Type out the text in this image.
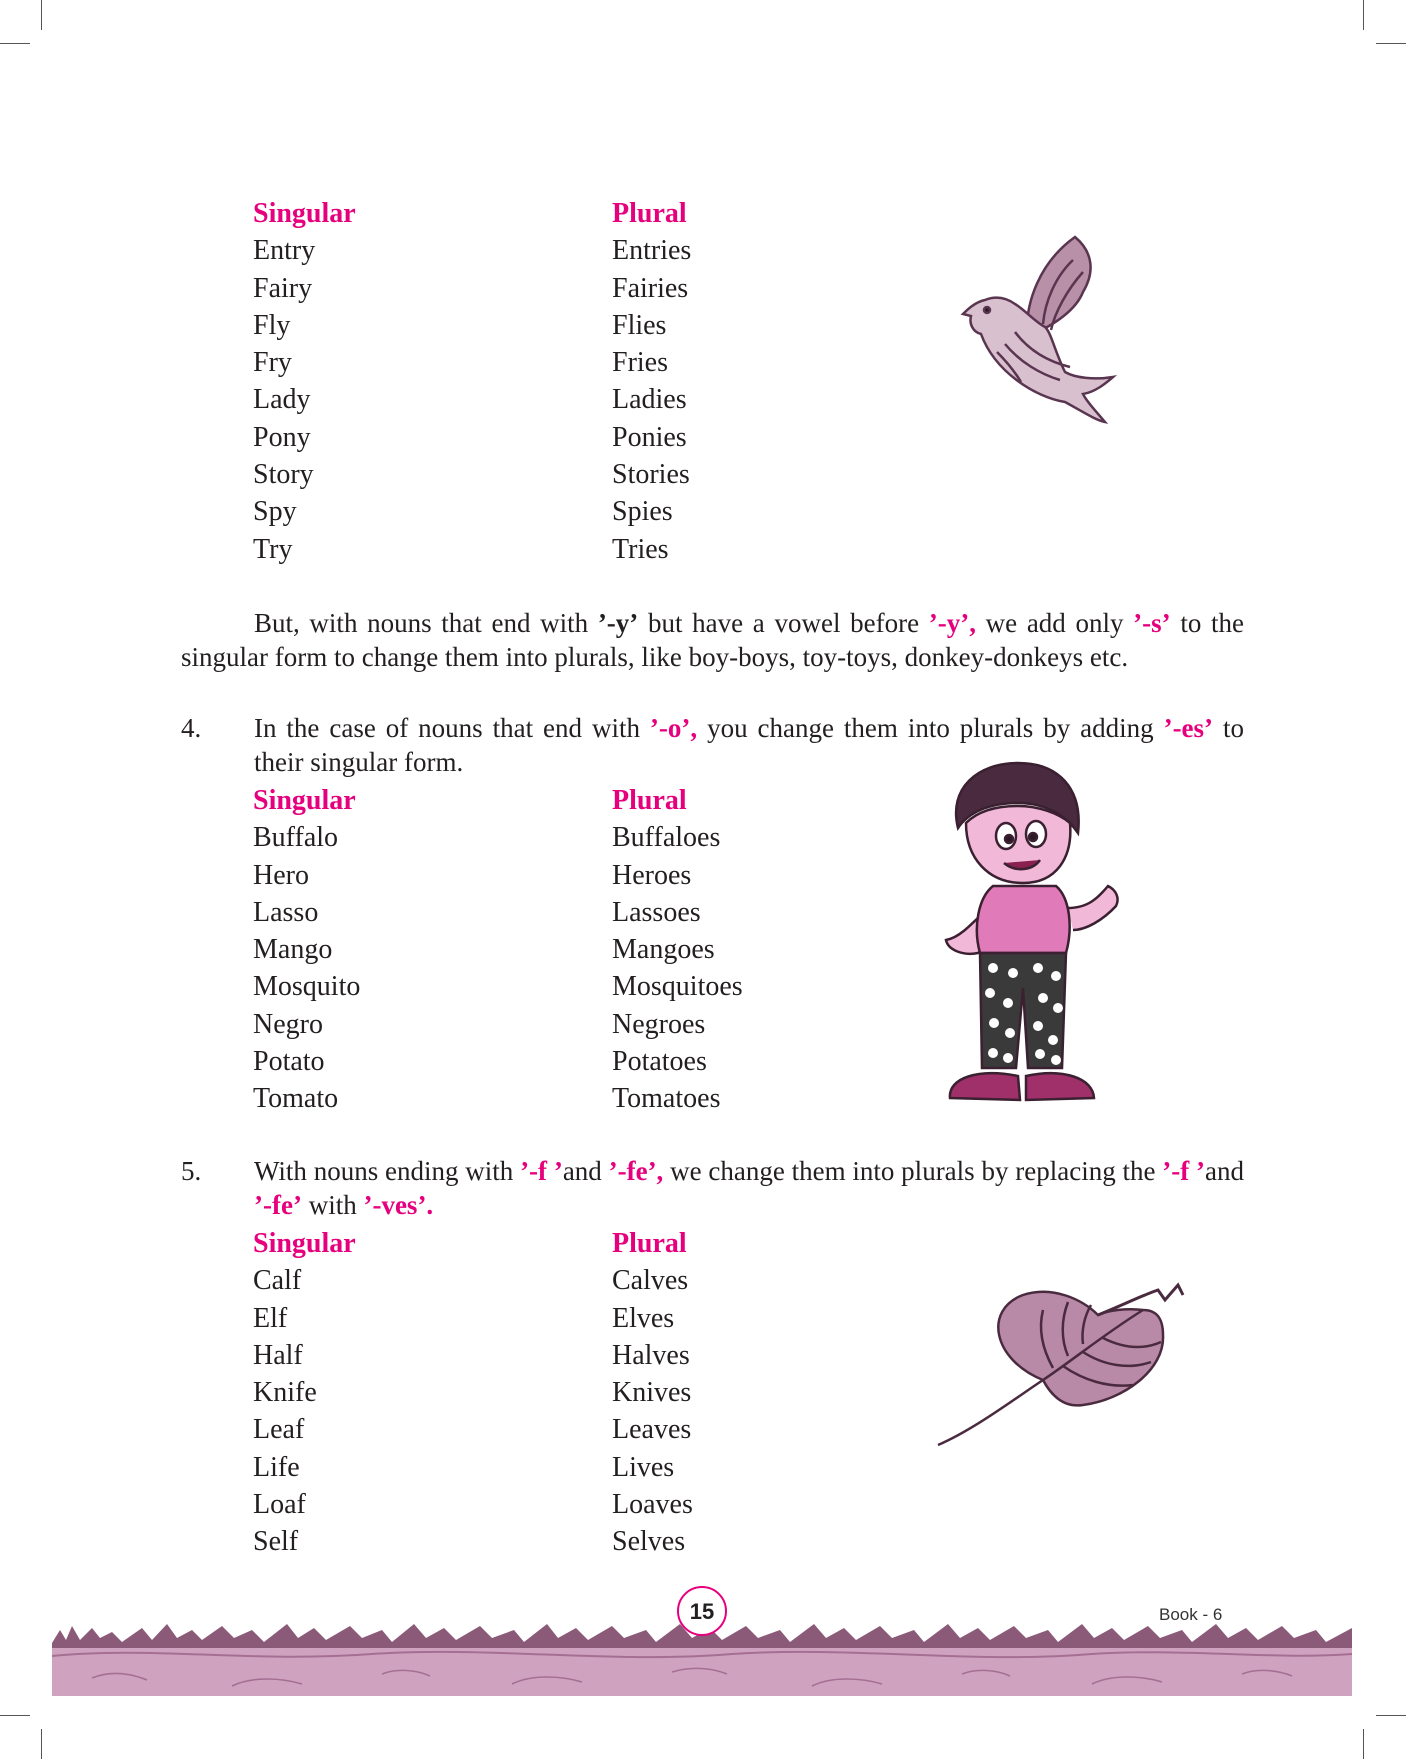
Singular	Plural
Entry	Entries
Fairy	Fairies
Fly	Flies
Fry	Fries
Lady	Ladies
Pony	Ponies
Story	Stories
Spy	Spies
Try	Tries
But, with nouns that end with ’-y’ but have a vowel before ’-y’, we add only ’-s’ to the singular form to change them into plurals, like boy-boys, toy-toys, donkey-donkeys etc.
4. In the case of nouns that end with ’-o’, you change them into plurals by adding ’-es’ to their singular form.
Singular	Plural
Buffalo	Buffaloes
Hero	Heroes
Lasso	Lassoes
Mango	Mangoes
Mosquito	Mosquitoes
Negro	Negroes
Potato	Potatoes
Tomato	Tomatoes
5. With nouns ending with ’-f ’and ’-fe’, we change them into plurals by replacing the ’-f ’and ’-fe’ with ’-ves’.
Singular	Plural
Calf	Calves
Elf	Elves
Half	Halves
Knife	Knives
Leaf	Leaves
Life	Lives
Loaf	Loaves
Self	Selves
15	Book - 6
